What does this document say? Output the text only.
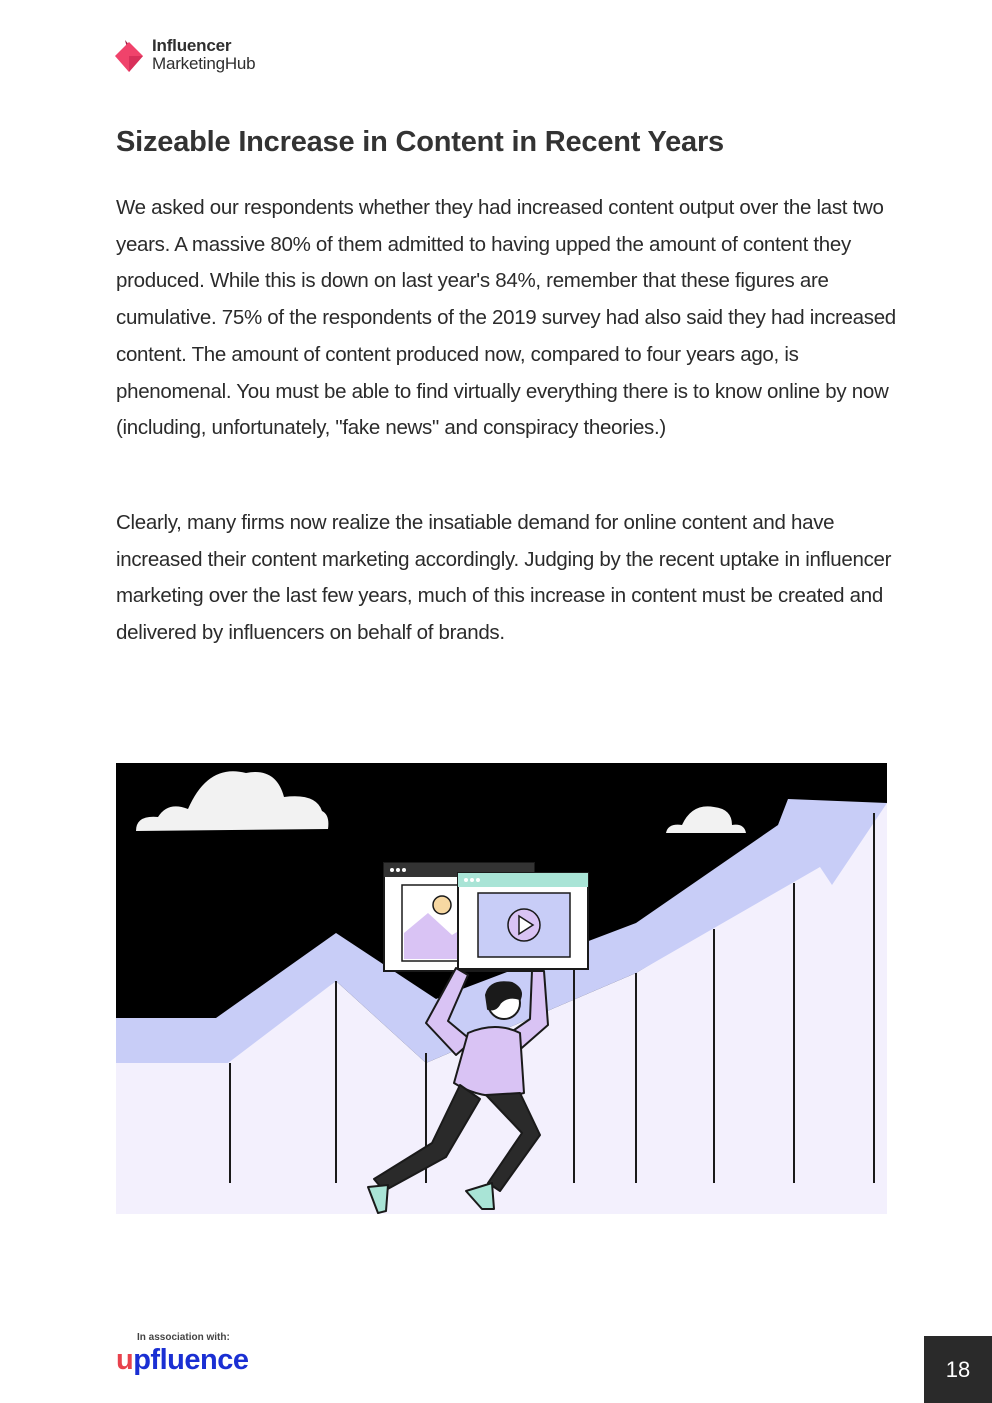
Influencer
MarketingHub
Sizeable Increase in Content in Recent Years

We asked our respondents whether they had increased content output over the last two years. A massive 80% of them admitted to having upped the amount of content they produced. While this is down on last year's 84%, remember that these figures are cumulative. 75% of the respondents of the 2019 survey had also said they had increased content. The amount of content produced now, compared to four years ago, is phenomenal. You must be able to find virtually everything there is to know online by now (including, unfortunately, "fake news" and conspiracy theories.)

Clearly, many firms now realize the insatiable demand for online content and have increased their content marketing accordingly. Judging by the recent uptake in influencer marketing over the last few years, much of this increase in content must be created and delivered by influencers on behalf of brands.

In association with:
upfluence	18
